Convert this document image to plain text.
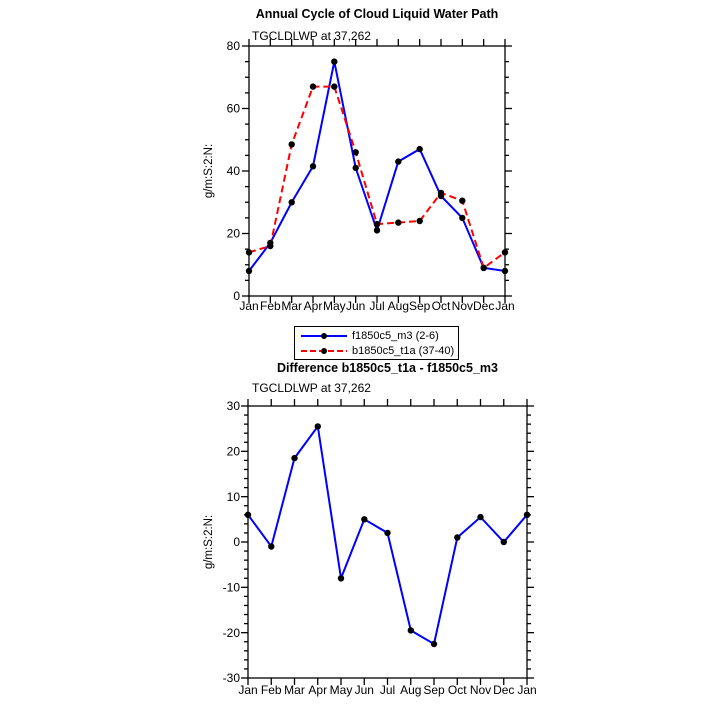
Jan Feb Mar Apr May Jun Jul Aug Sep Oct Nov Dec Jan
0
20
40
60
80
Jan Feb Mar Apr May Jun Jul Aug Sep Oct Nov Dec Jan
-30
-20
-10
0
10
20
30
Annual Cycle of Cloud Liquid Water Path
TGCLDLWP at 37,262
g/m:S:2:N:
f1850c5_m3 (2-6)
b1850c5_t1a (37-40)
Difference b1850c5_t1a - f1850c5_m3
TGCLDLWP at 37,262
g/m:S:2:N:
